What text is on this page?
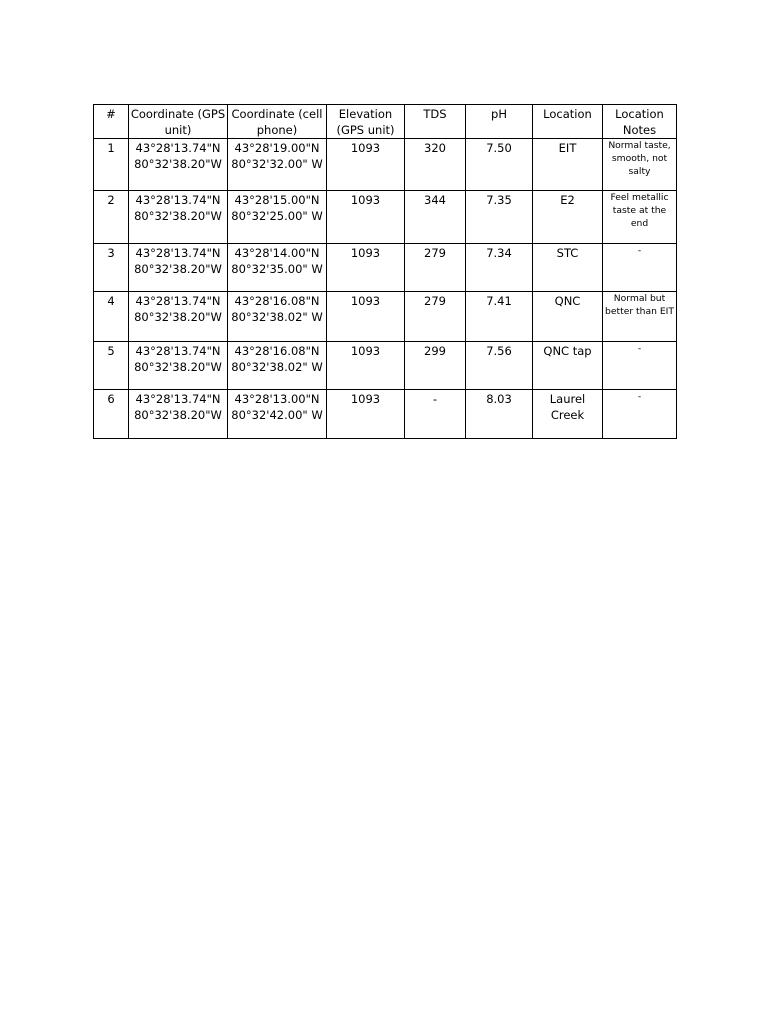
#	Coordinate (GPS unit)	Coordinate (cell phone)	Elevation (GPS unit)	TDS	pH	Location	Location Notes
1	43°28'13.74"N 80°32'38.20"W	43°28'19.00"N 80°32'32.00" W	1093	320	7.50	EIT	Normal taste, smooth, not salty
2	43°28'13.74"N 80°32'38.20"W	43°28'15.00"N 80°32'25.00" W	1093	344	7.35	E2	Feel metallic taste at the end
3	43°28'13.74"N 80°32'38.20"W	43°28'14.00"N 80°32'35.00" W	1093	279	7.34	STC	-
4	43°28'13.74"N 80°32'38.20"W	43°28'16.08"N 80°32'38.02" W	1093	279	7.41	QNC	Normal but better than EIT
5	43°28'13.74"N 80°32'38.20"W	43°28'16.08"N 80°32'38.02" W	1093	299	7.56	QNC tap	-
6	43°28'13.74"N 80°32'38.20"W	43°28'13.00"N 80°32'42.00" W	1093	-	8.03	Laurel Creek	-
